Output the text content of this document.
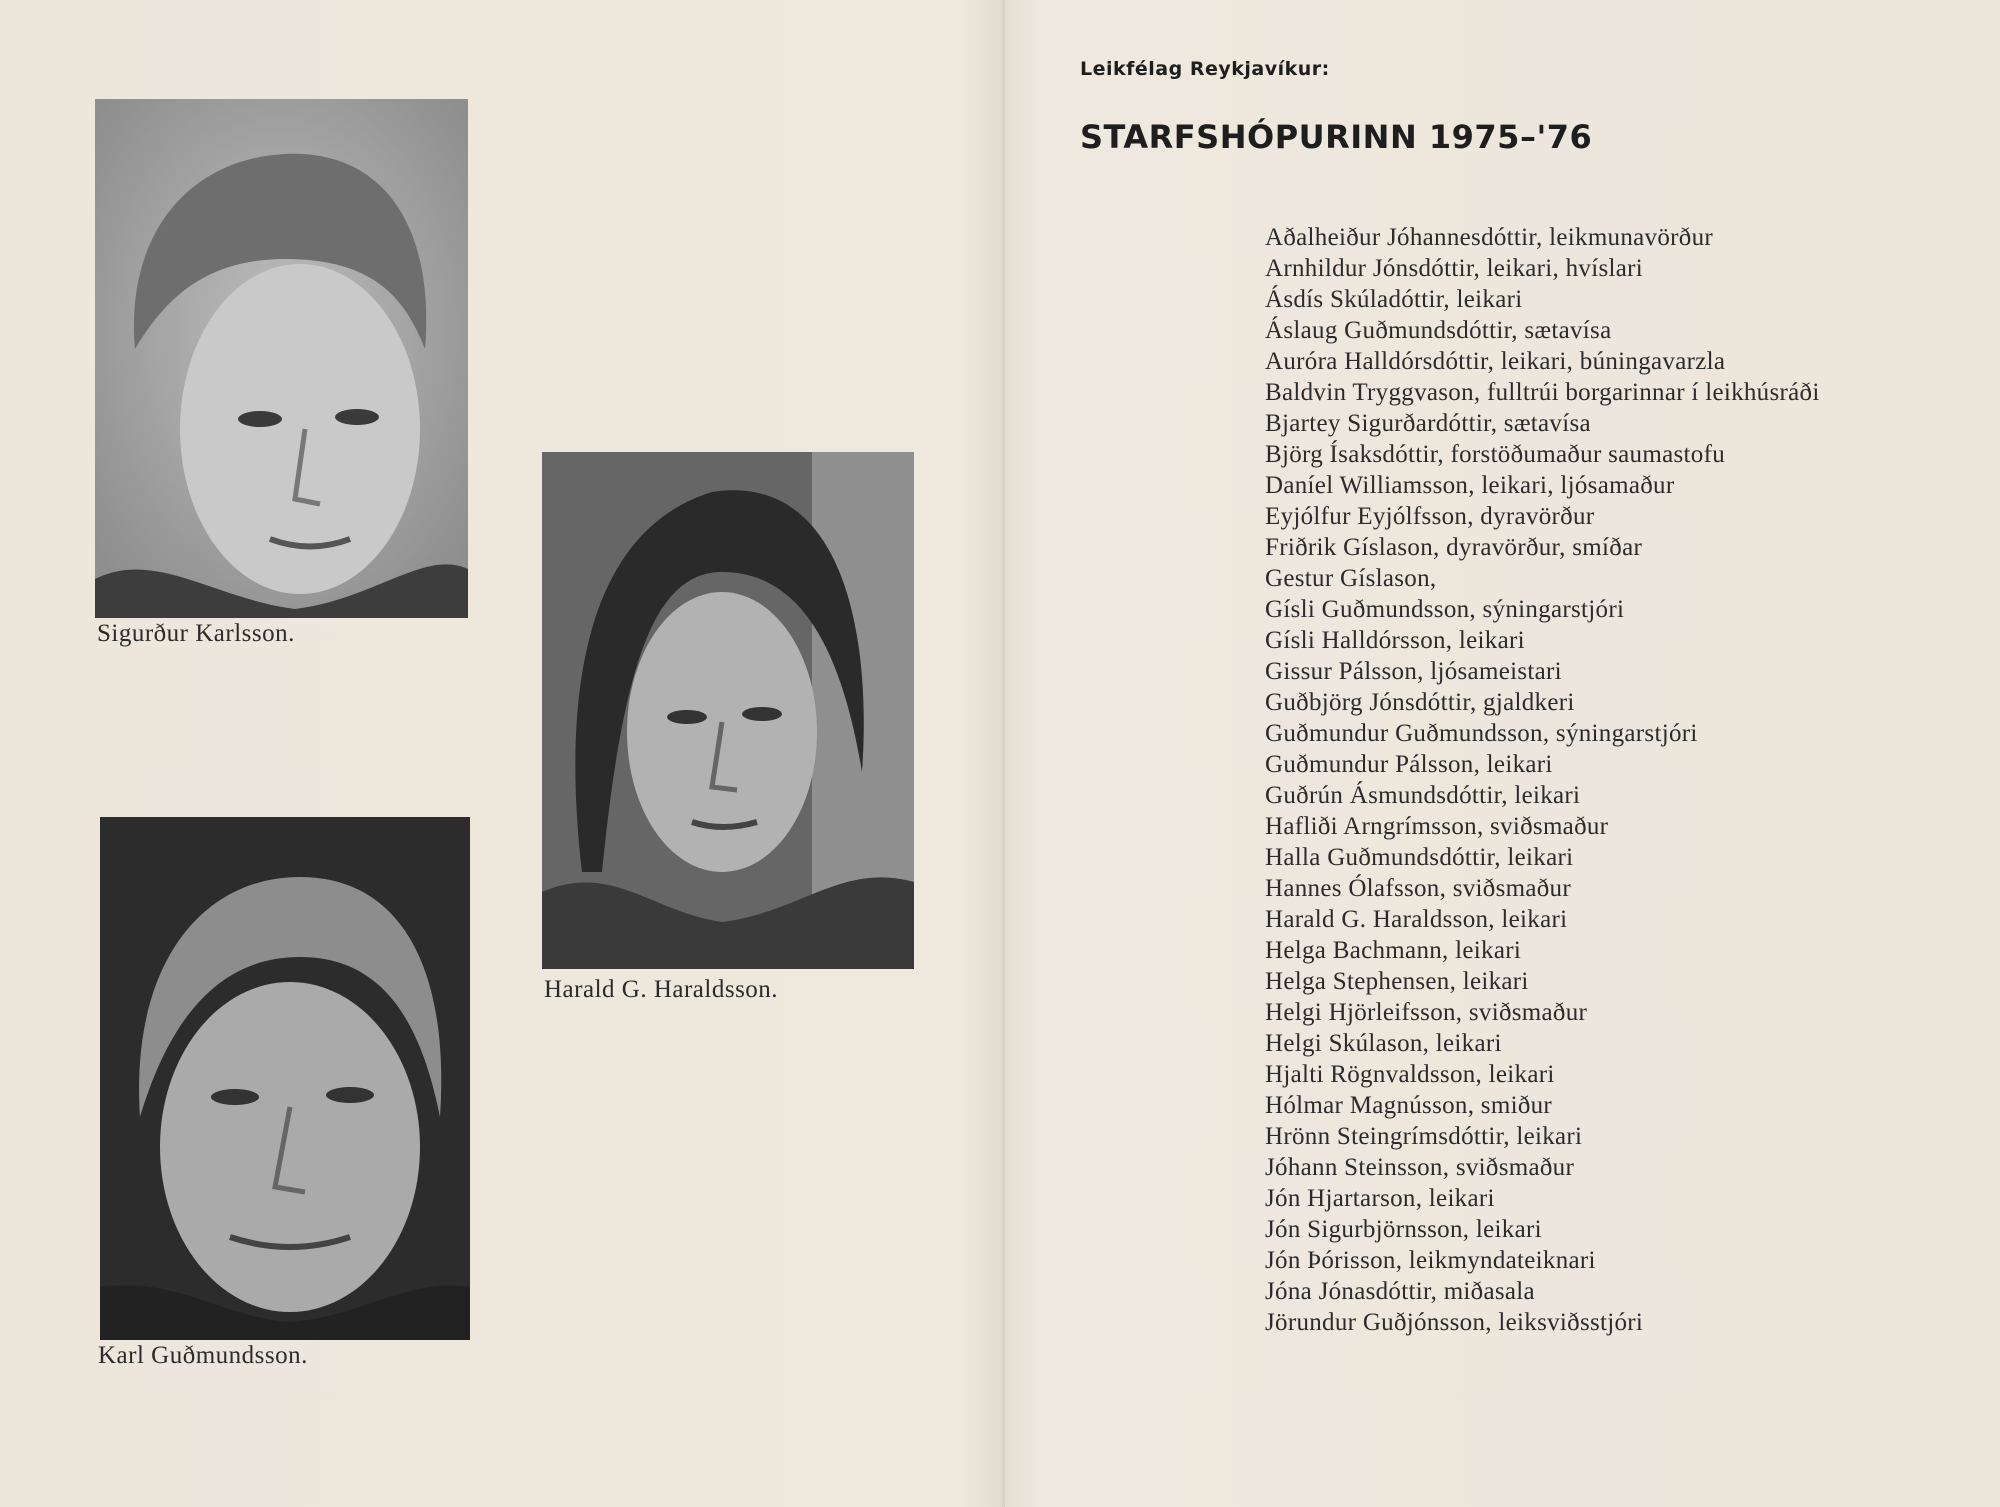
Sigurður Karlsson.
Harald G. Haraldsson.
Karl Guðmundsson.
Leikfélag Reykjavíkur:
STARFSHÓPURINN 1975–'76
Aðalheiður Jóhannesdóttir, leikmunavörður
Arnhildur Jónsdóttir, leikari, hvíslari
Ásdís Skúladóttir, leikari
Áslaug Guðmundsdóttir, sætavísa
Auróra Halldórsdóttir, leikari, búningavarzla
Baldvin Tryggvason, fulltrúi borgarinnar í leikhúsráði
Bjartey Sigurðardóttir, sætavísa
Björg Ísaksdóttir, forstöðumaður saumastofu
Daníel Williamsson, leikari, ljósamaður
Eyjólfur Eyjólfsson, dyravörður
Friðrik Gíslason, dyravörður, smíðar
Gestur Gíslason,
Gísli Guðmundsson, sýningarstjóri
Gísli Halldórsson, leikari
Gissur Pálsson, ljósameistari
Guðbjörg Jónsdóttir, gjaldkeri
Guðmundur Guðmundsson, sýningarstjóri
Guðmundur Pálsson, leikari
Guðrún Ásmundsdóttir, leikari
Hafliði Arngrímsson, sviðsmaður
Halla Guðmundsdóttir, leikari
Hannes Ólafsson, sviðsmaður
Harald G. Haraldsson, leikari
Helga Bachmann, leikari
Helga Stephensen, leikari
Helgi Hjörleifsson, sviðsmaður
Helgi Skúlason, leikari
Hjalti Rögnvaldsson, leikari
Hólmar Magnússon, smiður
Hrönn Steingrímsdóttir, leikari
Jóhann Steinsson, sviðsmaður
Jón Hjartarson, leikari
Jón Sigurbjörnsson, leikari
Jón Þórisson, leikmyndateiknari
Jóna Jónasdóttir, miðasala
Jörundur Guðjónsson, leiksviðsstjóri
